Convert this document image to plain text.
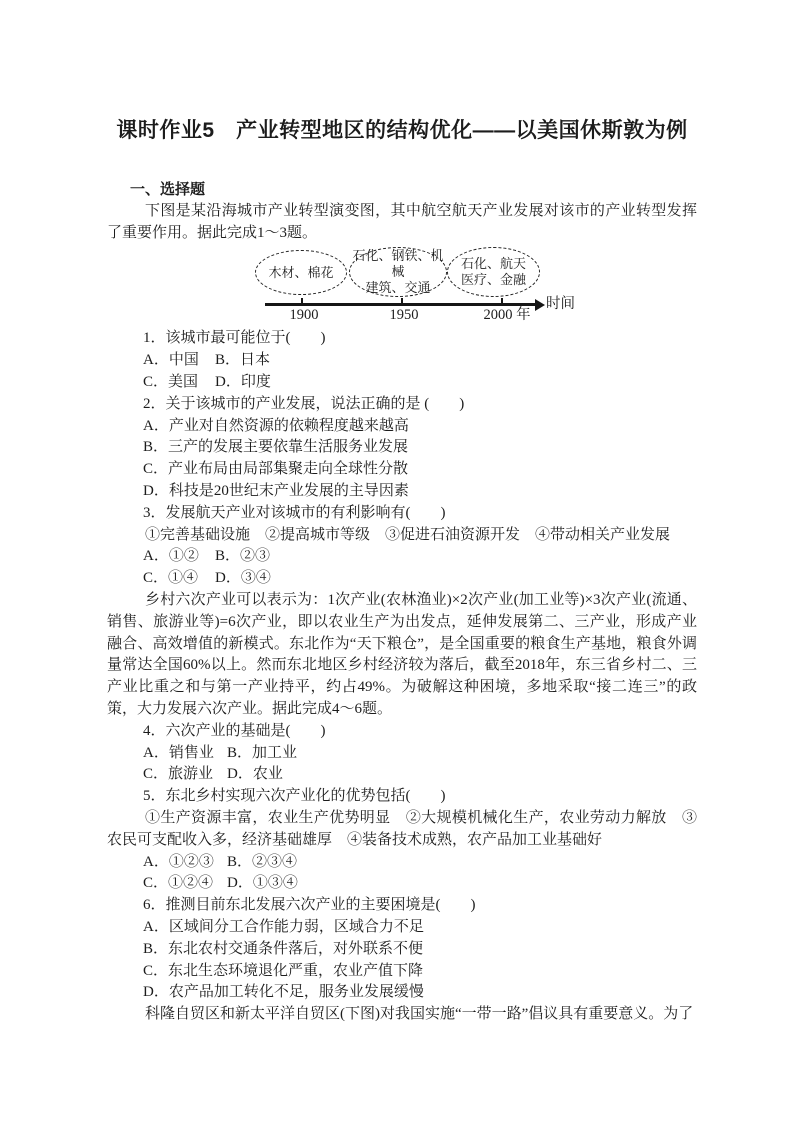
课时作业5　产业转型地区的结构优化——以美国休斯敦为例

一、选择题

下图是某沿海城市产业转型演变图，其中航空航天产业发展对该市的产业转型发挥了重要作用。据此完成1～3题。

木材、棉花
石化、钢铁、机械
建筑、交通
石化、航天
医疗、金融
1900	1950	2000 年
时间

1．该城市最可能位于(　　)

A．中国 B．日本

C．美国 D．印度

2．关于该城市的产业发展，说法正确的是 (　　)

A．产业对自然资源的依赖程度越来越高

B．三产的发展主要依靠生活服务业发展

C．产业布局由局部集聚走向全球性分散

D．科技是20世纪末产业发展的主导因素

3．发展航天产业对该城市的有利影响有(　　)

①完善基础设施　②提高城市等级　③促进石油资源开发　④带动相关产业发展

A．①② B．②③

C．①④ D．③④

乡村六次产业可以表示为：1次产业(农林渔业)×2次产业(加工业等)×3次产业(流通、销售、旅游业等)=6次产业，即以农业生产为出发点，延伸发展第二、三产业，形成产业融合、高效增值的新模式。东北作为“天下粮仓”，是全国重要的粮食生产基地，粮食外调量常达全国60%以上。然而东北地区乡村经济较为落后，截至2018年，东三省乡村二、三产业比重之和与第一产业持平，约占49%。为破解这种困境，多地采取“接二连三”的政策，大力发展六次产业。据此完成4～6题。

4．六次产业的基础是(　　)

A．销售业 B．加工业

C．旅游业 D．农业

5．东北乡村实现六次产业化的优势包括(　　)

①生产资源丰富，农业生产优势明显　②大规模机械化生产，农业劳动力解放　③农民可支配收入多，经济基础雄厚　④装备技术成熟，农产品加工业基础好

A．①②③ B．②③④

C．①②④ D．①③④

6．推测目前东北发展六次产业的主要困境是(　　)

A．区域间分工合作能力弱，区域合力不足

B．东北农村交通条件落后，对外联系不便

C．东北生态环境退化严重，农业产值下降

D．农产品加工转化不足，服务业发展缓慢

科隆自贸区和新太平洋自贸区(下图)对我国实施“一带一路”倡议具有重要意义。为了
